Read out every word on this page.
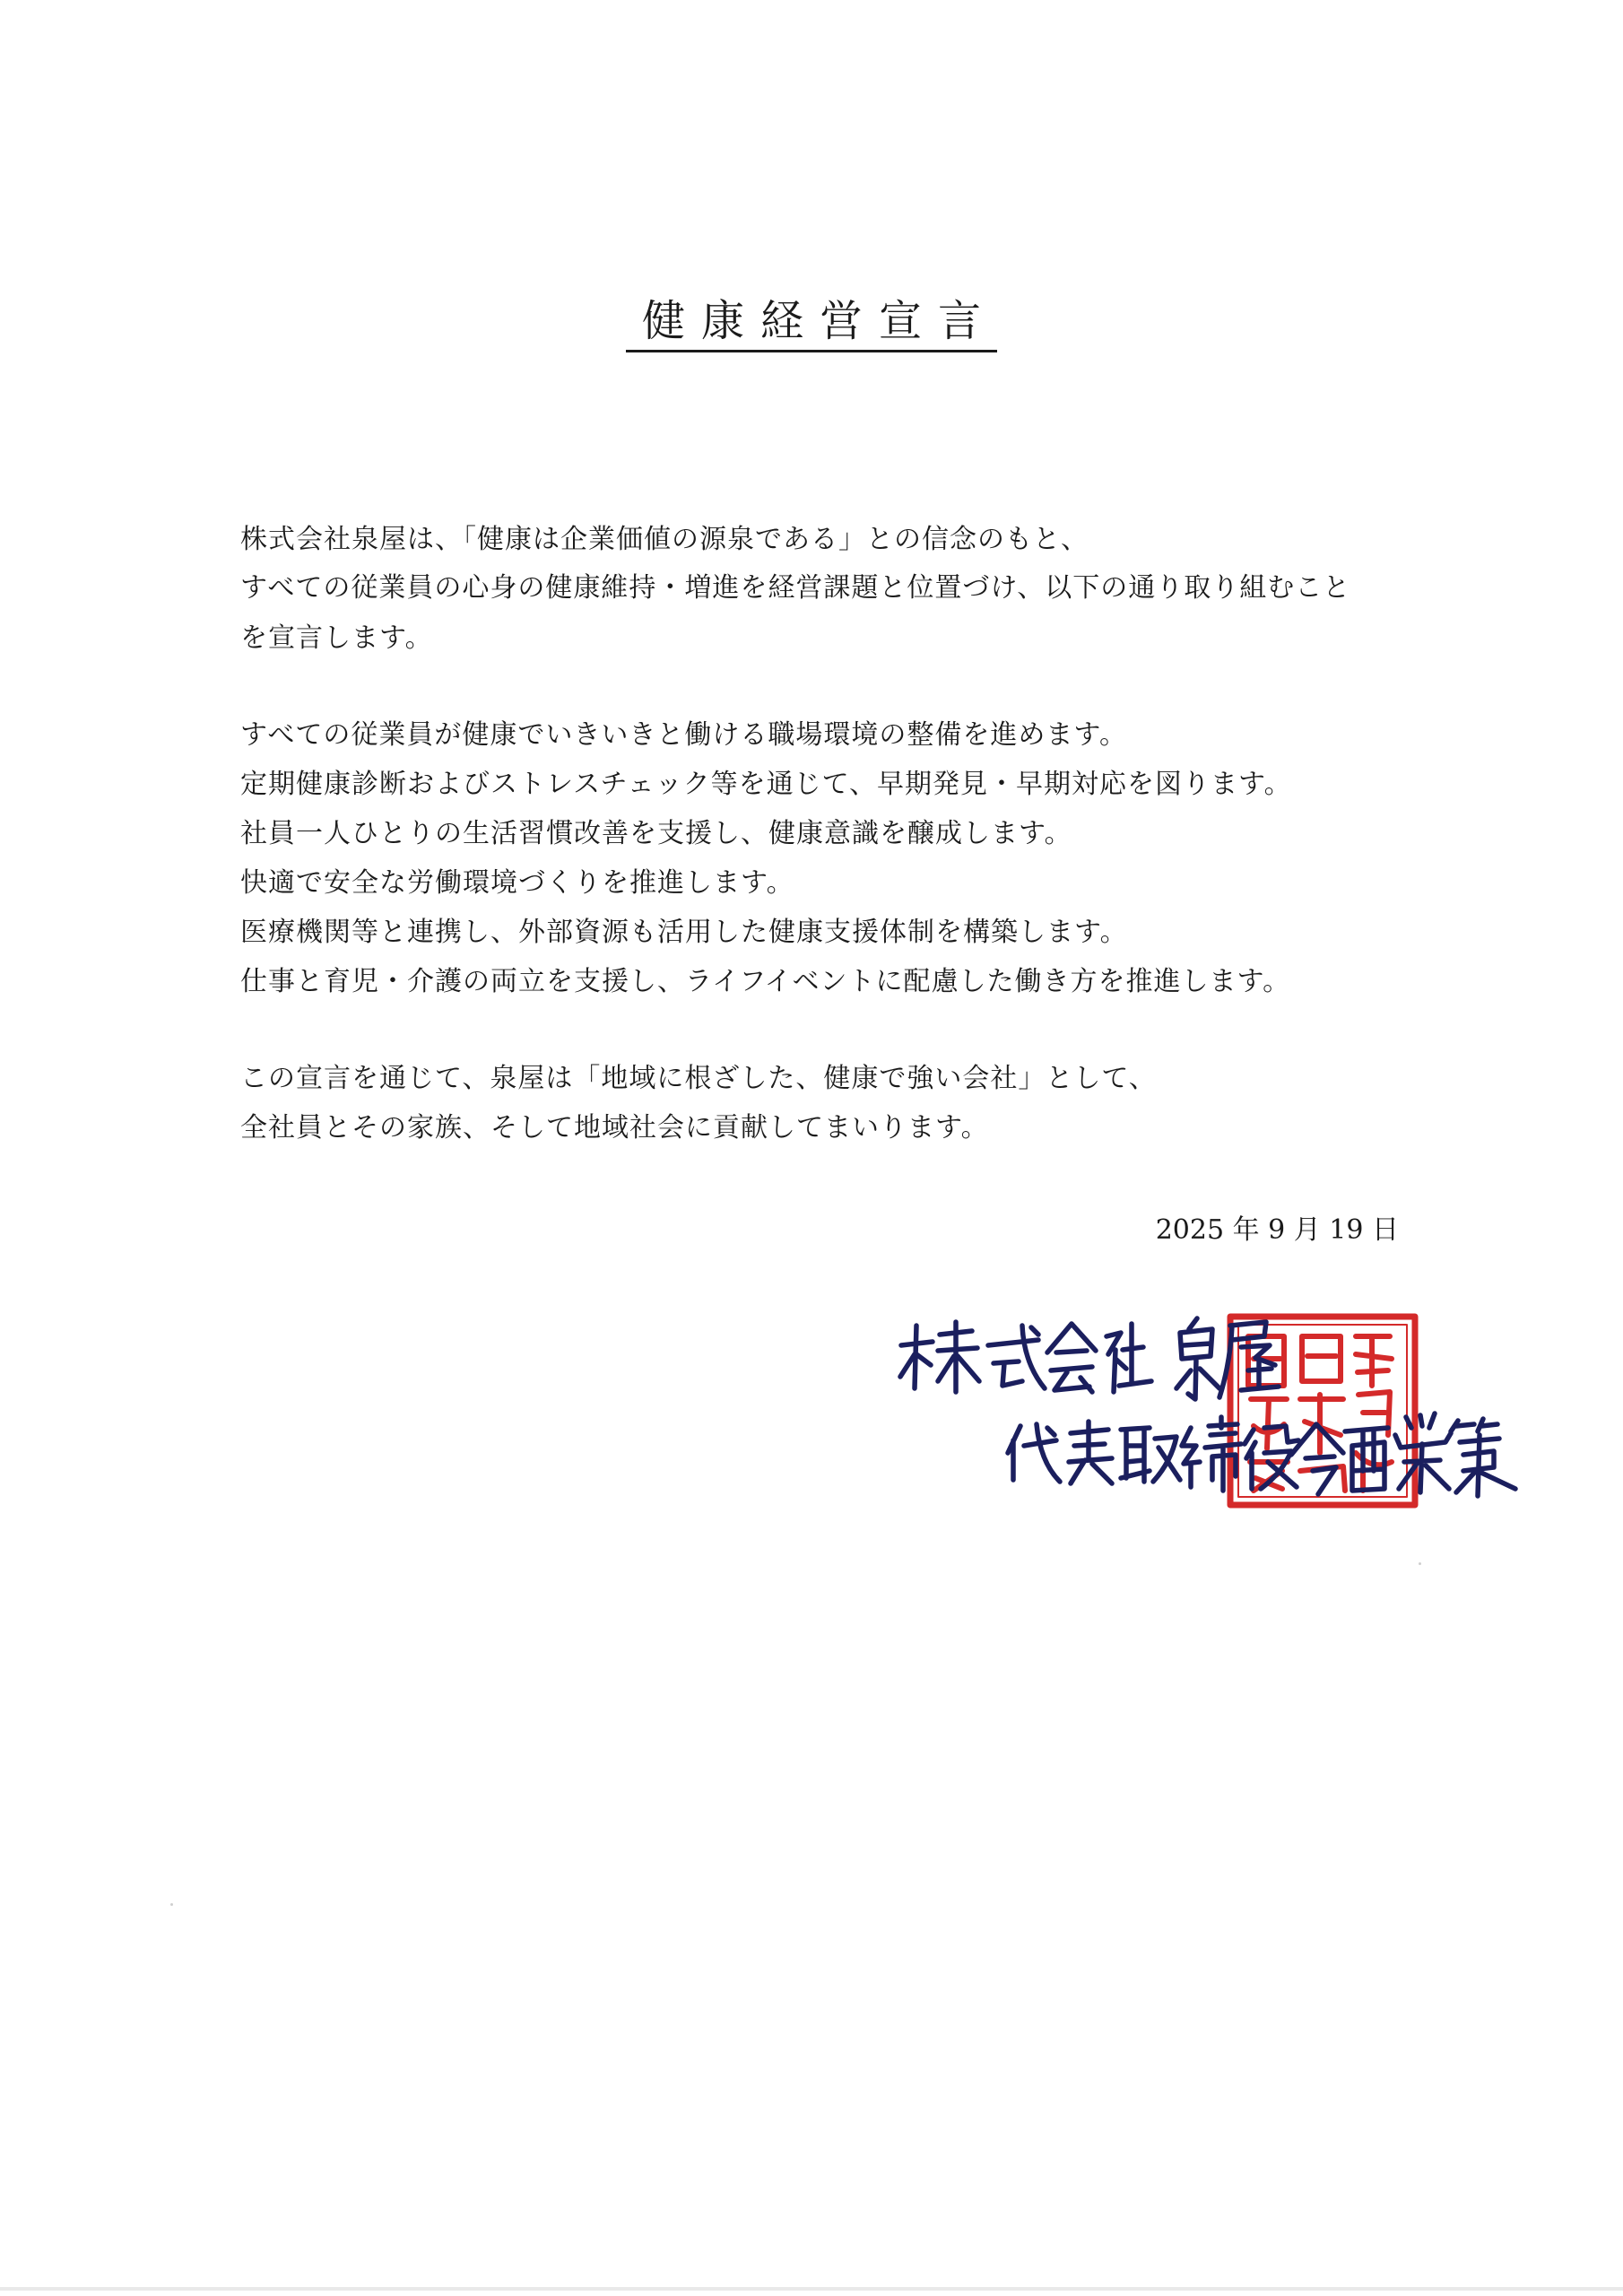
健康経営宣言
株式会社泉屋は、「健康は企業価値の源泉である」との信念のもと、
すべての従業員の心身の健康維持・増進を経営課題と位置づけ、以下の通り取り組むこと
を宣言します。
すべての従業員が健康でいきいきと働ける職場環境の整備を進めます。
定期健康診断およびストレスチェック等を通じて、早期発見・早期対応を図ります。
社員一人ひとりの生活習慣改善を支援し、健康意識を醸成します。
快適で安全な労働環境づくりを推進します。
医療機関等と連携し、外部資源も活用した健康支援体制を構築します。
仕事と育児・介護の両立を支援し、ライフイベントに配慮した働き方を推進します。
この宣言を通じて、泉屋は「地域に根ざした、健康で強い会社」として、
全社員とその家族、そして地域社会に貢献してまいります。
2025 年 9 月 19 日
